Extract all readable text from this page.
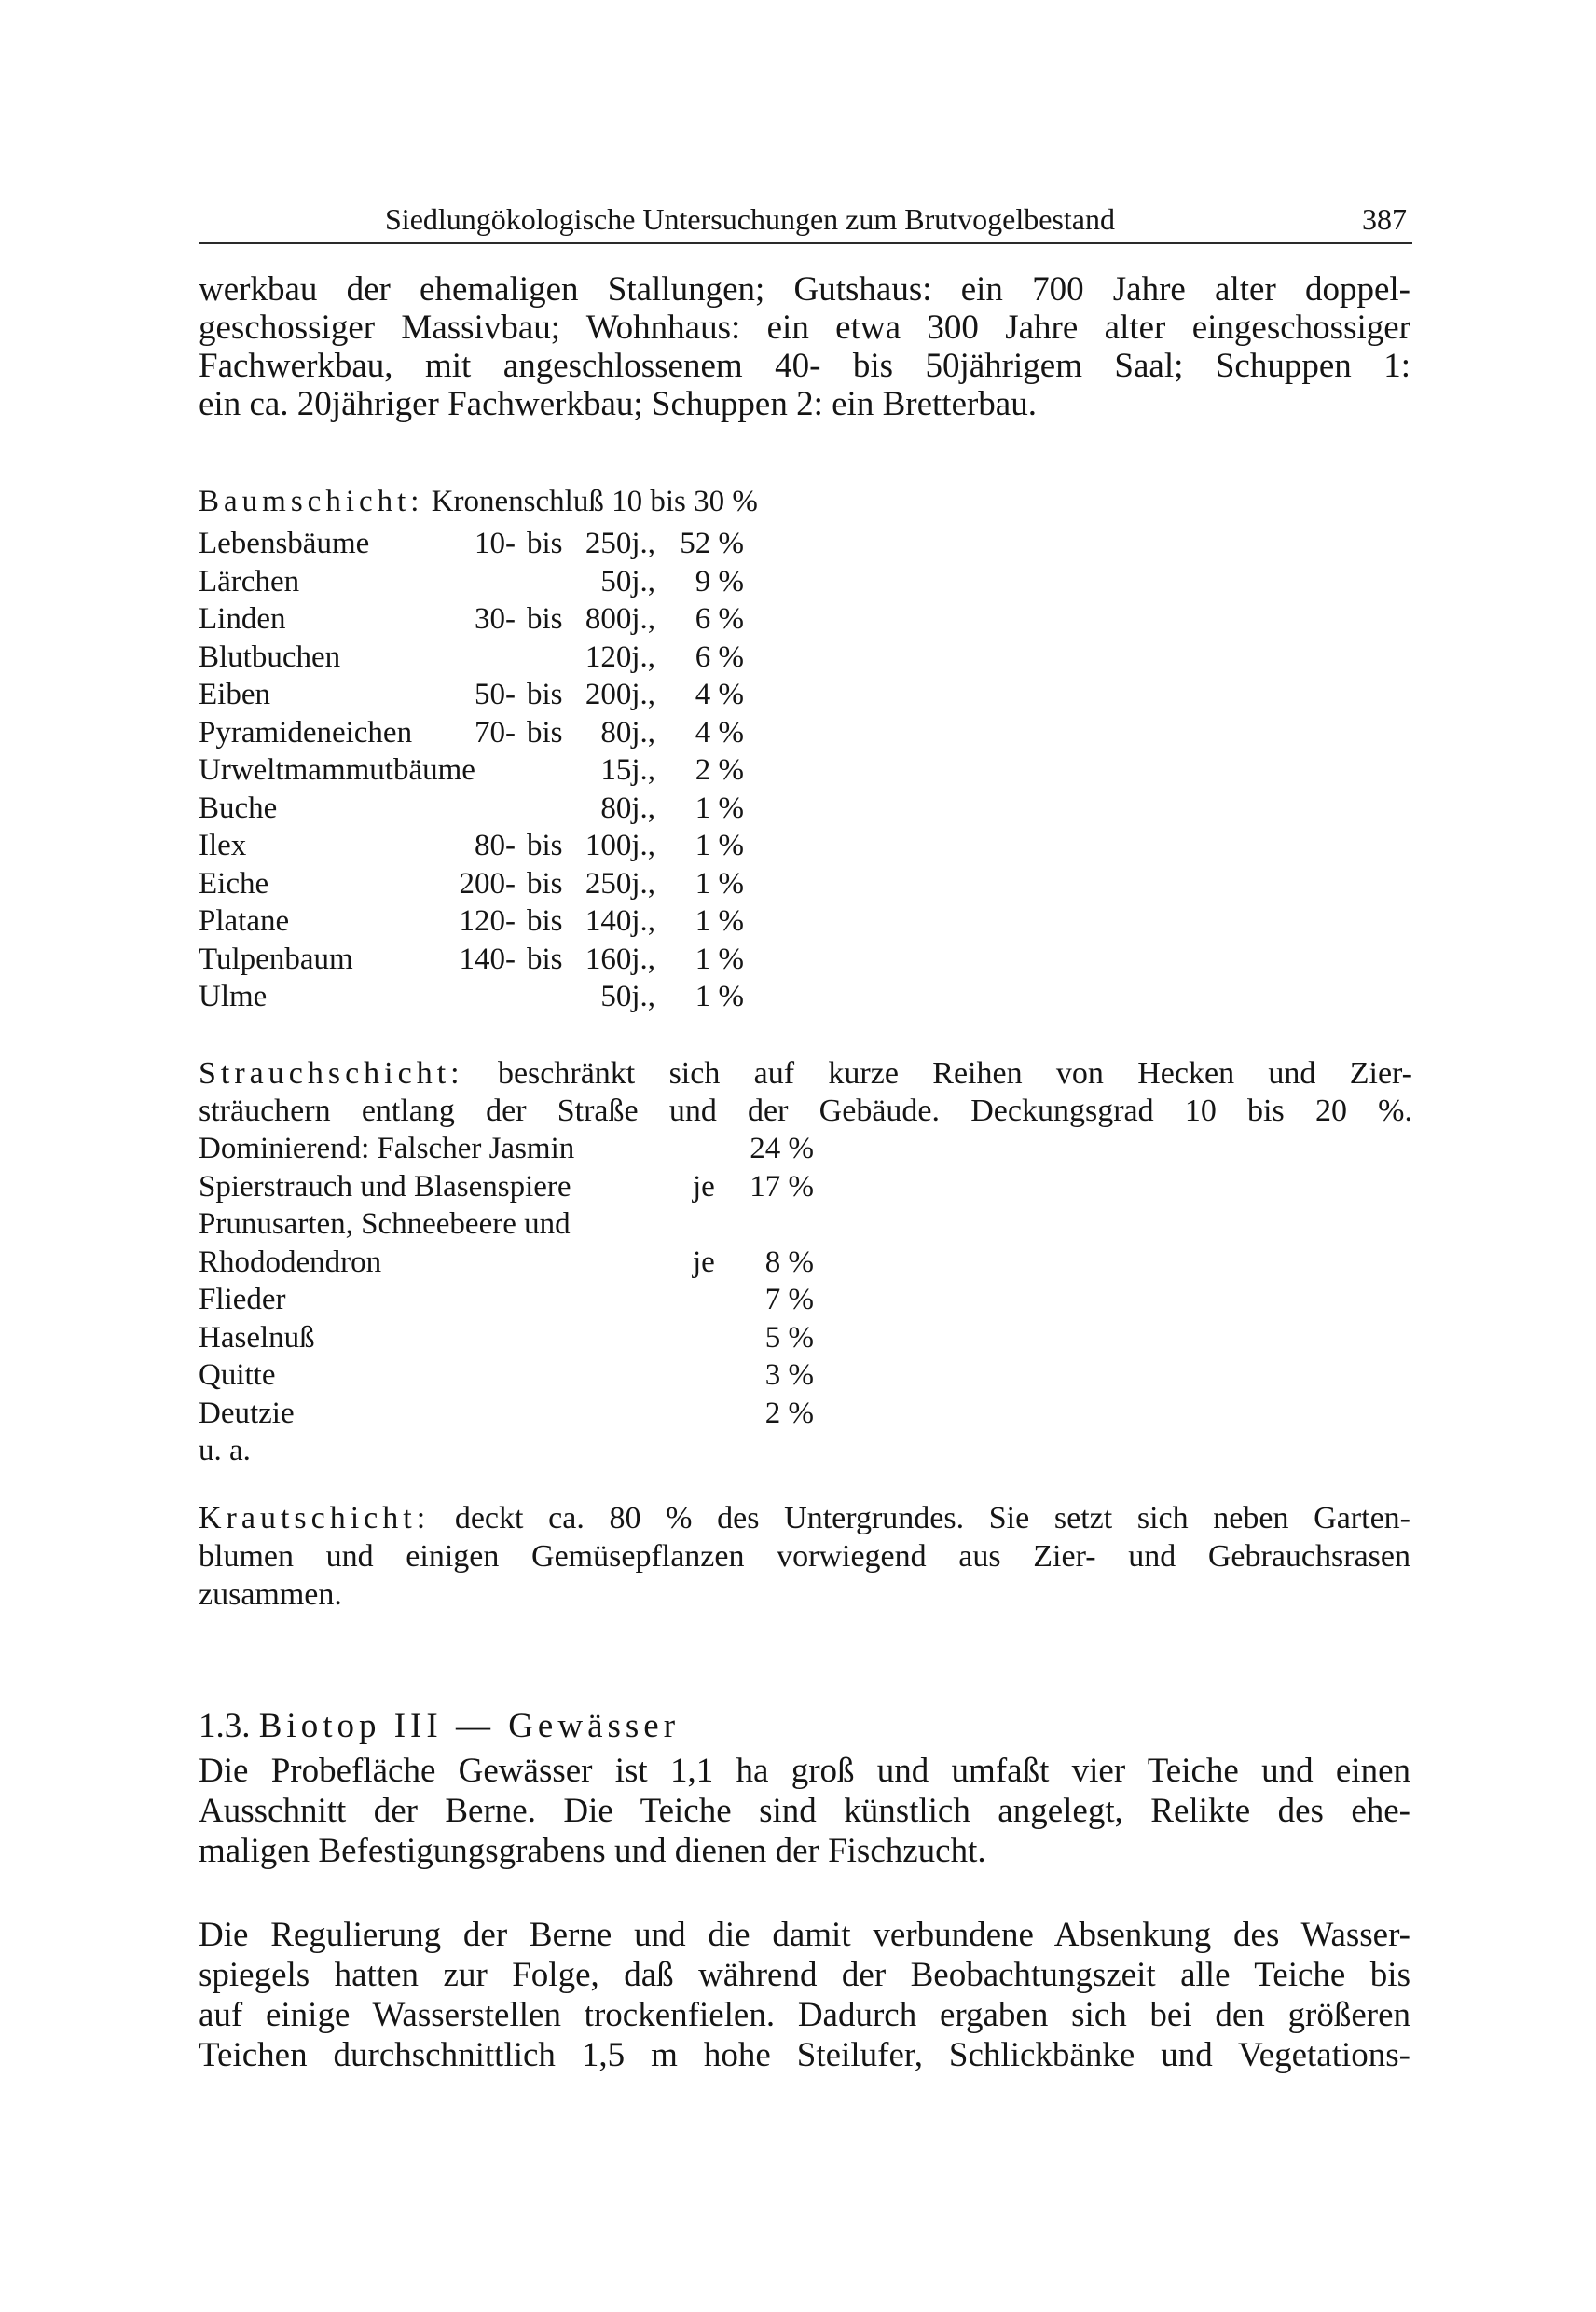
Siedlungökologische Untersuchungen zum Brutvogelbestand	387

werkbau der ehemaligen Stallungen; Gutshaus: ein 700 Jahre alter doppel-

geschossiger Massivbau; Wohnhaus: ein etwa 300 Jahre alter eingeschossiger

Fachwerkbau, mit angeschlossenem 40- bis 50jährigem Saal; Schuppen 1:

ein ca. 20jähriger Fachwerkbau; Schuppen 2: ein Bretterbau.

Baumschicht: Kronenschluß 10 bis 30 %
Lebensbäume	10- bis 250j., 52 %
Lärchen	50j.,	9 %
Linden	30- bis 800j.,	6 %
Blutbuchen	120j.,	6 %
Eiben	50- bis 200j.,	4 %
Pyramideneichen	70- bis	80j.,	4 %
Urweltmammutbäume	15j.,	2 %
Buche	80j.,	1 %
Ilex	80- bis 100j.,	1 %
Eiche	200- bis 250j.,	1 %
Platane	120- bis 140j.,	1 %
Tulpenbaum	140- bis 160j.,	1 %
Ulme	50j.,	1 %

Strauchschicht: beschränkt sich auf kurze Reihen von Hecken und Zier-

sträuchern entlang der Straße und der Gebäude. Deckungsgrad 10 bis 20 %.

Dominierend: Falscher Jasmin	24 %
Spierstrauch und Blasenspiere	je	17 %
Prunusarten, Schneebeere und
Rhododendron	je	8 %
Flieder	7 %
Haselnuß	5 %
Quitte	3 %
Deutzie	2 %
u. a.

Krautschicht: deckt ca. 80 % des Untergrundes. Sie setzt sich neben Garten-

blumen und einigen Gemüsepflanzen vorwiegend aus Zier- und Gebrauchsrasen

zusammen.

1.3. Biotop III — Gewässer

Die Probefläche Gewässer ist 1,1 ha groß und umfaßt vier Teiche und einen

Ausschnitt der Berne. Die Teiche sind künstlich angelegt, Relikte des ehe-

maligen Befestigungsgrabens und dienen der Fischzucht.

Die Regulierung der Berne und die damit verbundene Absenkung des Wasser-

spiegels hatten zur Folge, daß während der Beobachtungszeit alle Teiche bis

auf einige Wasserstellen trockenfielen. Dadurch ergaben sich bei den größeren

Teichen durchschnittlich 1,5 m hohe Steilufer, Schlickbänke und Vegetations-
